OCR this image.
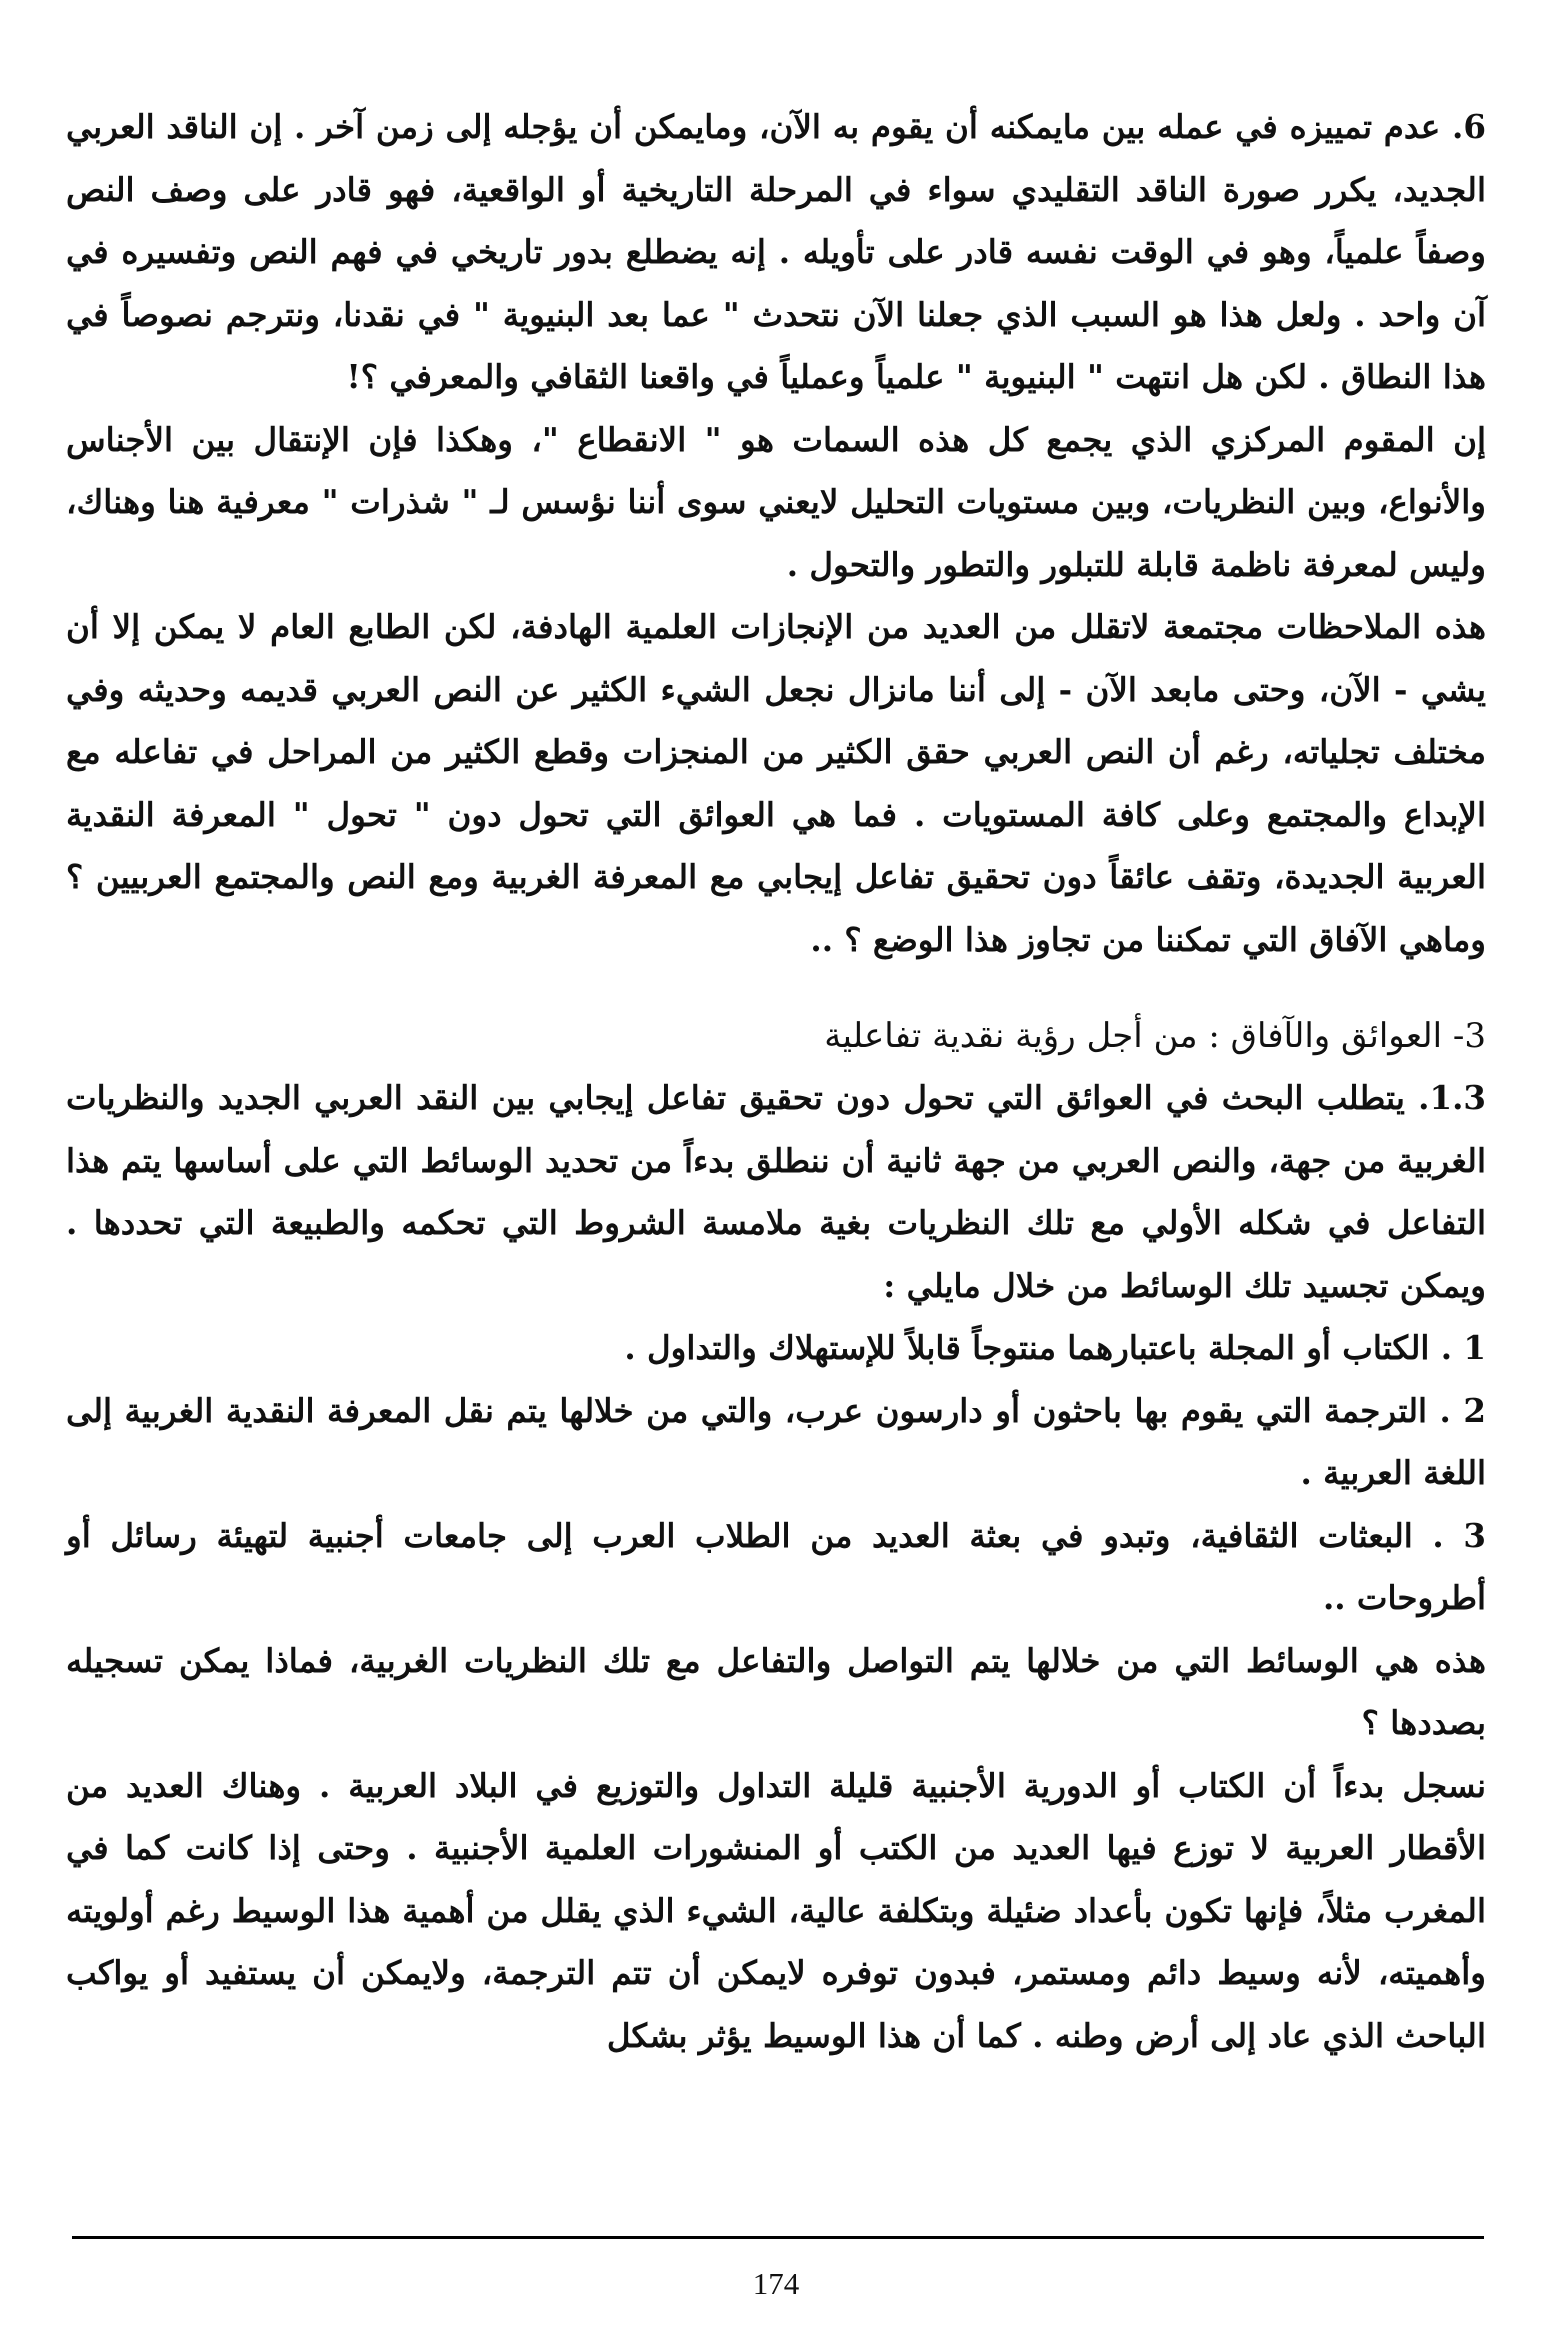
6. عدم تمييزه في عمله بين مايمكنه أن يقوم به الآن، ومايمكن أن يؤجله إلى زمن آخر . إن الناقد العربي الجديد، يكرر صورة الناقد التقليدي سواء في المرحلة التاريخية أو الواقعية، فهو قادر على وصف النص وصفاً علمياً، وهو في الوقت نفسه قادر على تأويله . إنه يضطلع بدور تاريخي في فهم النص وتفسيره في آن واحد . ولعل هذا هو السبب الذي جعلنا الآن نتحدث " عما بعد البنيوية " في نقدنا، ونترجم نصوصاً في هذا النطاق . لكن هل انتهت " البنيوية " علمياً وعملياً في واقعنا الثقافي والمعرفي ؟!

إن المقوم المركزي الذي يجمع كل هذه السمات هو " الانقطاع "، وهكذا فإن الإنتقال بين الأجناس والأنواع، وبين النظريات، وبين مستويات التحليل لايعني سوى أننا نؤسس لـ " شذرات " معرفية هنا وهناك، وليس لمعرفة ناظمة قابلة للتبلور والتطور والتحول .

هذه الملاحظات مجتمعة لاتقلل من العديد من الإنجازات العلمية الهادفة، لكن الطابع العام لا يمكن إلا أن يشي - الآن، وحتى مابعد الآن - إلى أننا مانزال نجعل الشيء الكثير عن النص العربي قديمه وحديثه وفي مختلف تجلياته، رغم أن النص العربي حقق الكثير من المنجزات وقطع الكثير من المراحل في تفاعله مع الإبداع والمجتمع وعلى كافة المستويات . فما هي العوائق التي تحول دون " تحول " المعرفة النقدية العربية الجديدة، وتقف عائقاً دون تحقيق تفاعل إيجابي مع المعرفة الغربية ومع النص والمجتمع العربيين ؟ وماهي الآفاق التي تمكننا من تجاوز هذا الوضع ؟ ..

3- العوائق والآفاق : من أجل رؤية نقدية تفاعلية

1.3. يتطلب البحث في العوائق التي تحول دون تحقيق تفاعل إيجابي بين النقد العربي الجديد والنظريات الغربية من جهة، والنص العربي من جهة ثانية أن ننطلق بدءاً من تحديد الوسائط التي على أساسها يتم هذا التفاعل في شكله الأولي مع تلك النظريات بغية ملامسة الشروط التي تحكمه والطبيعة التي تحددها . ويمكن تجسيد تلك الوسائط من خلال مايلي :

1 . الكتاب أو المجلة باعتبارهما منتوجاً قابلاً للإستهلاك والتداول .

2 . الترجمة التي يقوم بها باحثون أو دارسون عرب، والتي من خلالها يتم نقل المعرفة النقدية الغربية إلى اللغة العربية .

3 . البعثات الثقافية، وتبدو في بعثة العديد من الطلاب العرب إلى جامعات أجنبية لتهيئة رسائل أو أطروحات ..

هذه هي الوسائط التي من خلالها يتم التواصل والتفاعل مع تلك النظريات الغربية، فماذا يمكن تسجيله بصددها ؟

نسجل بدءاً أن الكتاب أو الدورية الأجنبية قليلة التداول والتوزيع في البلاد العربية . وهناك العديد من الأقطار العربية لا توزع فيها العديد من الكتب أو المنشورات العلمية الأجنبية . وحتى إذا كانت كما في المغرب مثلاً، فإنها تكون بأعداد ضئيلة وبتكلفة عالية، الشيء الذي يقلل من أهمية هذا الوسيط رغم أولويته وأهميته، لأنه وسيط دائم ومستمر، فبدون توفره لايمكن أن تتم الترجمة، ولايمكن أن يستفيد أو يواكب الباحث الذي عاد إلى أرض وطنه . كما أن هذا الوسيط يؤثر بشكل

174
